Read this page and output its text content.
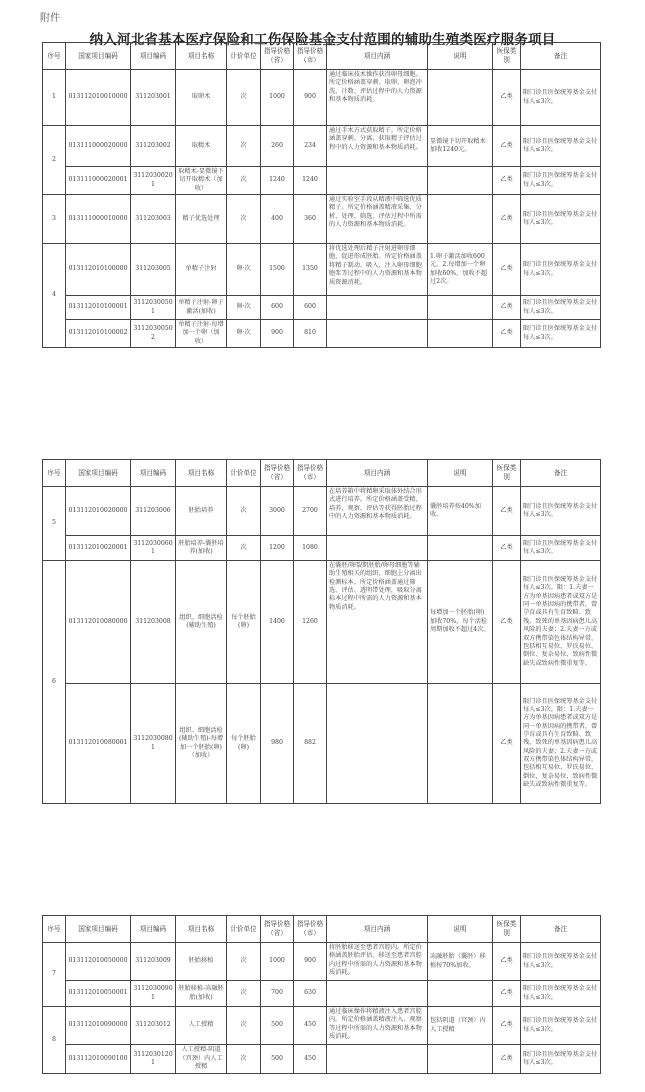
附件
纳入河北省基本医疗保险和工伤保险基金支付范围的辅助生殖类医疗服务项目
序号	国家项目编码	项目编码	项目名称	计价单位	指导价格（省）	指导价格（市）	项目内涵	说明	医保类别	备注
1	013112010010000	311203001	取卵术	次	1000	900	通过临床技术操作获得卵母细胞。所定价格涵盖穿刺、取卵、卵泡冲洗、计数、评估过程中的人力资源和基本物质消耗。		乙类	限门诊且医保统筹基金支付每人≤3次。
2	013111000020000	311203002	取精术	次	260	234	通过手术方式获取精子。所定价格涵盖穿刺、分离、获取精子评估过程中的人力资源和基本物质消耗。	显微镜下切开取精术加收1240元。	乙类	限门诊且医保统筹基金支付每人≤3次。
	013111000020001	31120300201	取精术-显微镜下切开取精术（加收）	次	1240	1240			乙类	限门诊且医保统筹基金支付每人≤3次。
3	013111000010000	311203003	精子优选处理	次	400	360	通过实验室手段从精液中筛选优质精子。所定价格涵盖精液采集、分析、处理、筛选、评估过程中所需的人力资源和基本物质消耗。		乙类	限门诊且医保统筹基金支付每人≤3次。
4	013112010100000	311203005	单精子注射	卵·次	1500	1350	将优选处理后精子注射进卵母细胞，促进形成胚胎。所定价格涵盖将精子制动、吸入、注入卵母细胞胞浆等过程中的人力资源和基本物质资源消耗。	1.卵子激活加收600元。2.每增加一个卵加收60%，加收不超过2次。	乙类	限门诊且医保统筹基金支付每人≤3次。
	013112010100001	31120300501	单精子注射-卵子激活(加收)	卵·次	600	600			乙类	限门诊且医保统筹基金支付每人≤3次。
	013112010100002	31120300502	单精子注射-每增加一个卵（加收）	卵·次	900	810			乙类	限门诊且医保统筹基金支付每人≤3次。
序号	国家项目编码	项目编码	项目名称	计价单位	指导价格（省）	指导价格（市）	项目内涵	说明	医保类别	备注
5	013112010020000	311203006	胚胎培养	次	3000	2700	在培养箱中将精卵采取体外结合形式进行培养。所定价格涵盖受精、培养、观察、评估等获得胚胎过程中的人力资源和基本物质消耗。	囊胚培养按40%加收。	乙类	限门诊且医保统筹基金支付每人≤3次。
	013112010020001	31120300601	胚胎培养-囊胚培养(加收)	次	1200	1080			乙类	限门诊且医保统筹基金支付每人≤3次。
6	013112010080000	311203008	组织、细胞活检　(辅助生殖)	每个胚胎(卵)	1400	1260	在囊胚/卵裂期胚胎/卵母细胞等辅助生殖相关的组织、细胞上分离出检测标本。所定价格涵盖通过筛选、评估、透明带处理，吸取分离标本过程中所需的人力资源和基本物质消耗。	每增加一个胚胎(卵)加收70%，每个活检周期加收不超过4次。	乙类	限门诊且医保统筹基金支付每人≤3次。限：1.夫妻一方为单基因病患者或双方是同一单基因病的携带者，曾孕育或具有生育致畸、致残、致死的单基因病患儿高风险的夫妻；2.夫妻一方或双方携带染色体结构异常，包括相互易位、罗氏易位、倒位、复杂易位、致病性微缺失或致病性微重复等。
	013112010080001	31120300801	组织、细胞活检(辅助生殖)-每增加一个胚胎(卵)（加收）	每个胚胎(卵)	980	882			乙类	限门诊且医保统筹基金支付每人≤3次。限：1.夫妻一方为单基因病患者或双方是同一单基因病的携带者，曾孕育或具有生育致畸、致残、致死的单基因病患儿高风险的夫妻；2.夫妻一方或双方携带染色体结构异常，包括相互易位、罗氏易位、倒位、复杂易位、致病性微缺失或致病性微重复等。
序号	国家项目编码	项目编码	项目名称	计价单位	指导价格（省）	指导价格（市）	项目内涵	说明	医保类别	备注
7	013112010050000	311203009	胚胎移植	次	1000	900	将胚胎移送至患者宫腔内。所定价格涵盖胚胎评估、移送至患者宫腔内过程中所需的人力资源和基本物质消耗。	冻融胚胎（囊胚）移植按70%加收。	乙类	限门诊且医保统筹基金支付每人≤3次。
	013112010050001	31120300901	胚胎移植-冻融胚胎(加收)	次	700	630			乙类	限门诊且医保统筹基金支付每人≤3次。
8	013112010090000	311203012	人工授精	次	500	450	通过临床操作将精液注入患者宫腔内。所定价格涵盖精液注入、观察等过程中所需的人力资源和基本物质消耗。	包括阴道（宫颈）内人工授精	乙类	限门诊且医保统筹基金支付每人≤3次。
	013112010090100	31120301201	人工授精-阴道（宫颈）内人工授精	次	500	450			乙类	限门诊且医保统筹基金支付每人≤3次。
